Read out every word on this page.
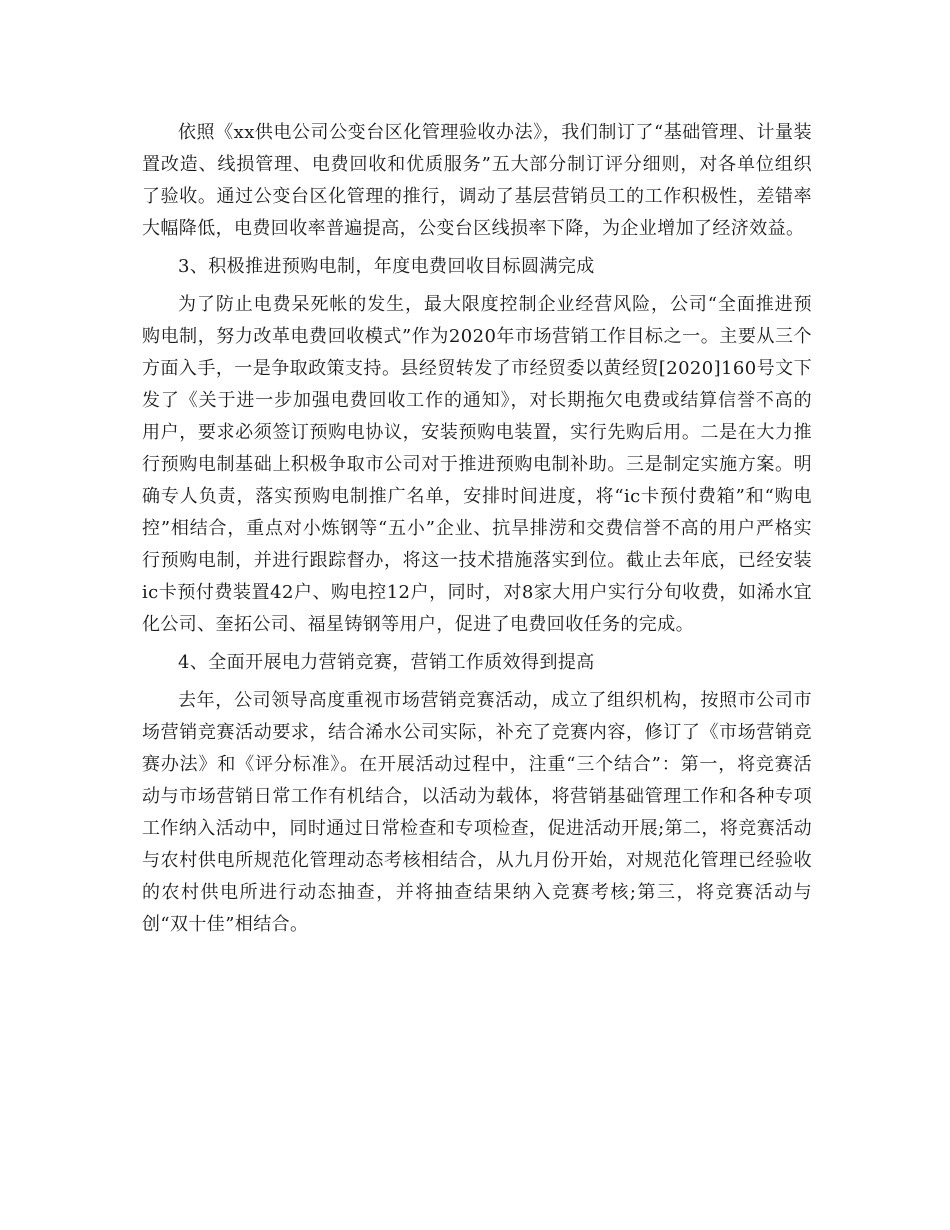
依照《xx供电公司公变台区化管理验收办法》，我们制订了“基础管理、计量装置改造、线损管理、电费回收和优质服务”五大部分制订评分细则，对各单位组织了验收。通过公变台区化管理的推行，调动了基层营销员工的工作积极性，差错率大幅降低，电费回收率普遍提高，公变台区线损率下降，为企业增加了经济效益。

3、积极推进预购电制，年度电费回收目标圆满完成

为了防止电费呆死帐的发生，最大限度控制企业经营风险，公司“全面推进预购电制，努力改革电费回收模式”作为2020年市场营销工作目标之一。主要从三个方面入手，一是争取政策支持。县经贸转发了市经贸委以黄经贸[2020]160号文下发了《关于进一步加强电费回收工作的通知》，对长期拖欠电费或结算信誉不高的用户，要求必须签订预购电协议，安装预购电装置，实行先购后用。二是在大力推行预购电制基础上积极争取市公司对于推进预购电制补助。三是制定实施方案。明确专人负责，落实预购电制推广名单，安排时间进度，将“ic卡预付费箱”和“购电控”相结合，重点对小炼钢等“五小”企业、抗旱排涝和交费信誉不高的用户严格实行预购电制，并进行跟踪督办，将这一技术措施落实到位。截止去年底，已经安装ic卡预付费装置42户、购电控12户，同时，对8家大用户实行分旬收费，如浠水宜化公司、奎拓公司、福星铸钢等用户，促进了电费回收任务的完成。

4、全面开展电力营销竞赛，营销工作质效得到提高

去年，公司领导高度重视市场营销竞赛活动，成立了组织机构，按照市公司市场营销竞赛活动要求，结合浠水公司实际，补充了竞赛内容，修订了《市场营销竞赛办法》和《评分标准》。在开展活动过程中，注重“三个结合”：第一，将竞赛活动与市场营销日常工作有机结合，以活动为载体，将营销基础管理工作和各种专项工作纳入活动中，同时通过日常检查和专项检查，促进活动开展;第二，将竞赛活动与农村供电所规范化管理动态考核相结合，从九月份开始，对规范化管理已经验收的农村供电所进行动态抽查，并将抽查结果纳入竞赛考核;第三，将竞赛活动与创“双十佳”相结合。
